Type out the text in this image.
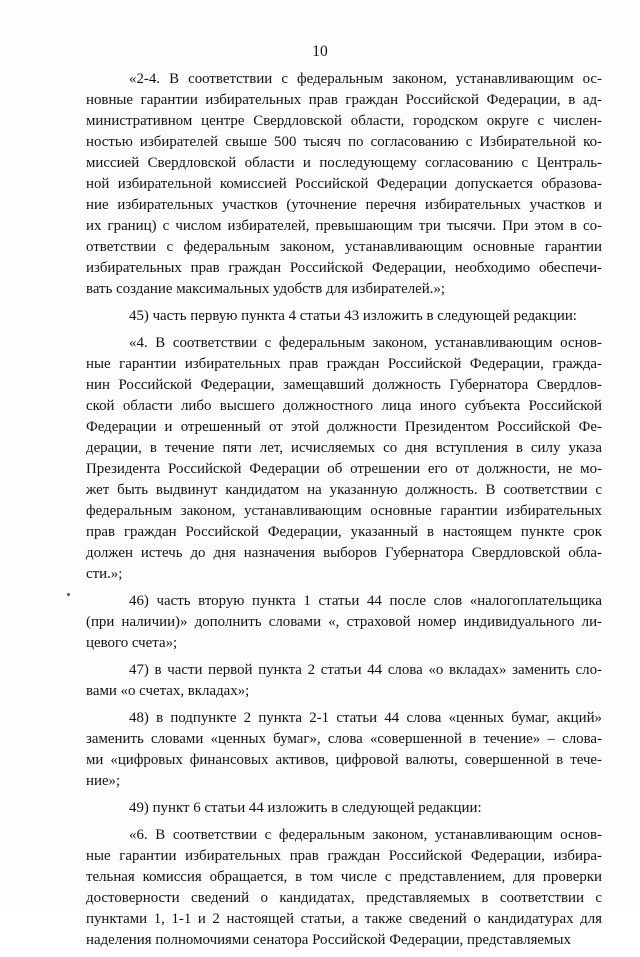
10
«2-4. В соответствии с федеральным законом, устанавливающим ос-
новные гарантии избирательных прав граждан Российской Федерации, в ад-
министративном центре Свердловской области, городском округе с числен-
ностью избирателей свыше 500 тысяч по согласованию с Избирательной ко-
миссией Свердловской области и последующему согласованию с Централь-
ной избирательной комиссией Российской Федерации допускается образова-
ние избирательных участков (уточнение перечня избирательных участков и
их границ) с числом избирателей, превышающим три тысячи. При этом в со-
ответствии с федеральным законом, устанавливающим основные гарантии
избирательных прав граждан Российской Федерации, необходимо обеспечи-
вать создание максимальных удобств для избирателей.»;
45) часть первую пункта 4 статьи 43 изложить в следующей редакции:
«4. В соответствии с федеральным законом, устанавливающим основ-
ные гарантии избирательных прав граждан Российской Федерации, гражда-
нин Российской Федерации, замещавший должность Губернатора Свердлов-
ской области либо высшего должностного лица иного субъекта Российской
Федерации и отрешенный от этой должности Президентом Российской Фе-
дерации, в течение пяти лет, исчисляемых со дня вступления в силу указа
Президента Российской Федерации об отрешении его от должности, не мо-
жет быть выдвинут кандидатом на указанную должность. В соответствии с
федеральным законом, устанавливающим основные гарантии избирательных
прав граждан Российской Федерации, указанный в настоящем пункте срок
должен истечь до дня назначения выборов Губернатора Свердловской обла-
сти.»;
46) часть вторую пункта 1 статьи 44 после слов «налогоплательщика
(при наличии)» дополнить словами «, страховой номер индивидуального ли-
цевого счета»;
47) в части первой пункта 2 статьи 44 слова «о вкладах» заменить сло-
вами «о счетах, вкладах»;
48) в подпункте 2 пункта 2-1 статьи 44 слова «ценных бумаг, акций»
заменить словами «ценных бумаг», слова «совершенной в течение» – слова-
ми «цифровых финансовых активов, цифровой валюты, совершенной в тече-
ние»;
49) пункт 6 статьи 44 изложить в следующей редакции:
«6. В соответствии с федеральным законом, устанавливающим основ-
ные гарантии избирательных прав граждан Российской Федерации, избира-
тельная комиссия обращается, в том числе с представлением, для проверки
достоверности сведений о кандидатах, представляемых в соответствии с
пунктами 1, 1-1 и 2 настоящей статьи, а также сведений о кандидатурах для
наделения полномочиями сенатора Российской Федерации, представляемых
